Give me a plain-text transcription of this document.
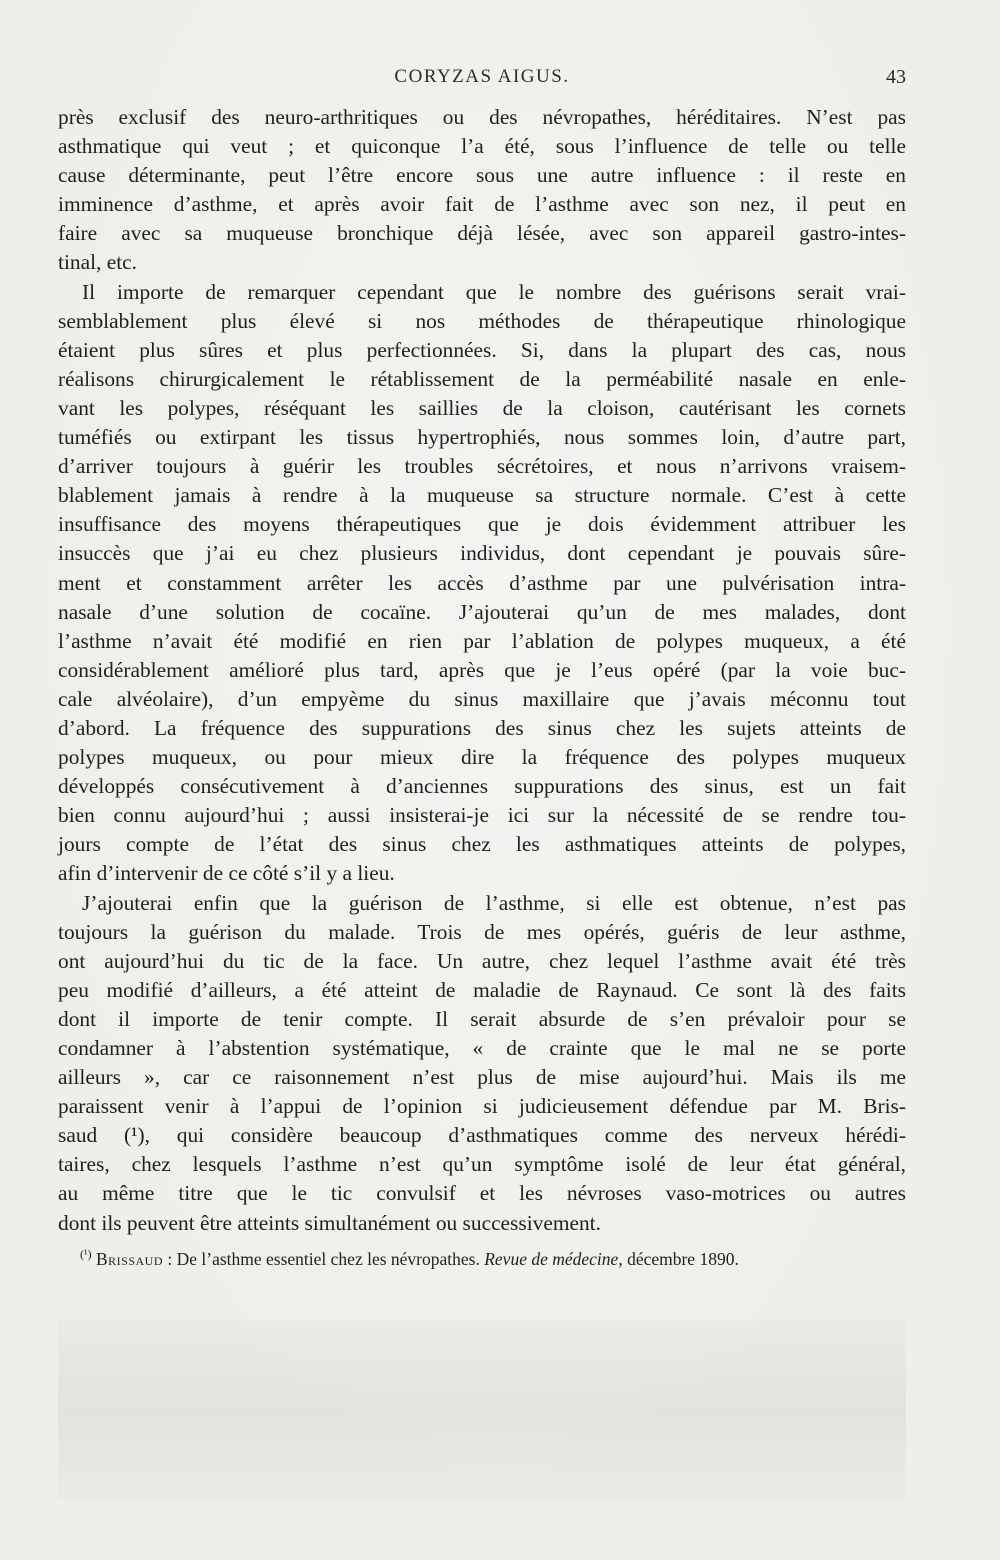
CORYZAS AIGUS.	43
près exclusif des neuro-arthritiques ou des névropathes, héréditaires. N’est pas
asthmatique qui veut ; et quiconque l’a été, sous l’influence de telle ou telle
cause déterminante, peut l’être encore sous une autre influence : il reste en
imminence d’asthme, et après avoir fait de l’asthme avec son nez, il peut en
faire avec sa muqueuse bronchique déjà lésée, avec son appareil gastro-intes-
tinal, etc.
Il importe de remarquer cependant que le nombre des guérisons serait vrai-
semblablement plus élevé si nos méthodes de thérapeutique rhinologique
étaient plus sûres et plus perfectionnées. Si, dans la plupart des cas, nous
réalisons chirurgicalement le rétablissement de la perméabilité nasale en enle-
vant les polypes, réséquant les saillies de la cloison, cautérisant les cornets
tuméfiés ou extirpant les tissus hypertrophiés, nous sommes loin, d’autre part,
d’arriver toujours à guérir les troubles sécrétoires, et nous n’arrivons vraisem-
blablement jamais à rendre à la muqueuse sa structure normale. C’est à cette
insuffisance des moyens thérapeutiques que je dois évidemment attribuer les
insuccès que j’ai eu chez plusieurs individus, dont cependant je pouvais sûre-
ment et constamment arrêter les accès d’asthme par une pulvérisation intra-
nasale d’une solution de cocaïne. J’ajouterai qu’un de mes malades, dont
l’asthme n’avait été modifié en rien par l’ablation de polypes muqueux, a été
considérablement amélioré plus tard, après que je l’eus opéré (par la voie buc-
cale alvéolaire), d’un empyème du sinus maxillaire que j’avais méconnu tout
d’abord. La fréquence des suppurations des sinus chez les sujets atteints de
polypes muqueux, ou pour mieux dire la fréquence des polypes muqueux
développés consécutivement à d’anciennes suppurations des sinus, est un fait
bien connu aujourd’hui ; aussi insisterai-je ici sur la nécessité de se rendre tou-
jours compte de l’état des sinus chez les asthmatiques atteints de polypes,
afin d’intervenir de ce côté s’il y a lieu.
J’ajouterai enfin que la guérison de l’asthme, si elle est obtenue, n’est pas
toujours la guérison du malade. Trois de mes opérés, guéris de leur asthme,
ont aujourd’hui du tic de la face. Un autre, chez lequel l’asthme avait été très
peu modifié d’ailleurs, a été atteint de maladie de Raynaud. Ce sont là des faits
dont il importe de tenir compte. Il serait absurde de s’en prévaloir pour se
condamner à l’abstention systématique, « de crainte que le mal ne se porte
ailleurs », car ce raisonnement n’est plus de mise aujourd’hui. Mais ils me
paraissent venir à l’appui de l’opinion si judicieusement défendue par M. Bris-
saud (¹), qui considère beaucoup d’asthmatiques comme des nerveux hérédi-
taires, chez lesquels l’asthme n’est qu’un symptôme isolé de leur état général,
au même titre que le tic convulsif et les névroses vaso-motrices ou autres
dont ils peuvent être atteints simultanément ou successivement.
$^{(^1)}$ Brissaud : De l’asthme essentiel chez les névropathes. Revue de médecine, décembre 1890.
